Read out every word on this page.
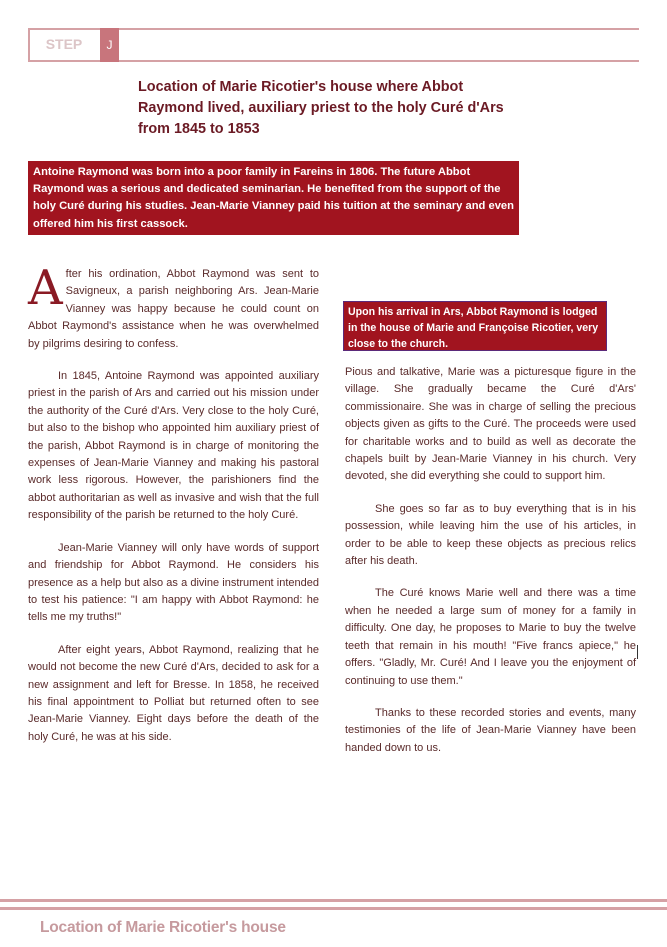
STEP	J
Location of Marie Ricotier's house where Abbot Raymond lived, auxiliary priest to the holy Curé d'Ars from 1845 to 1853
Antoine Raymond was born into a poor family in Fareins in 1806. The future Abbot Raymond was a serious and dedicated seminarian. He benefited from the support of the holy Curé during his studies. Jean-Marie Vianney paid his tuition at the seminary and even offered him his first cassock.

After his ordination, Abbot Raymond was sent to Savigneux, a parish neighboring Ars. Jean-Marie Vianney was happy because he could count on Abbot Raymond's assistance when he was overwhelmed by pilgrims desiring to confess.

In 1845, Antoine Raymond was appointed auxiliary priest in the parish of Ars and carried out his mission under the authority of the Curé d'Ars. Very close to the holy Curé, but also to the bishop who appointed him auxiliary priest of the parish, Abbot Raymond is in charge of monitoring the expenses of Jean-Marie Vianney and making his pastoral work less rigorous. However, the parishioners find the abbot authoritarian as well as invasive and wish that the full responsibility of the parish be returned to the holy Curé.

Jean-Marie Vianney will only have words of support and friendship for Abbot Raymond. He considers his presence as a help but also as a divine instrument intended to test his patience: "I am happy with Abbot Raymond: he tells me my truths!"

After eight years, Abbot Raymond, realizing that he would not become the new Curé d'Ars, decided to ask for a new assignment and left for Bresse. In 1858, he received his final appointment to Polliat but returned often to see Jean-Marie Vianney. Eight days before the death of the holy Curé, he was at his side.

Upon his arrival in Ars, Abbot Raymond is lodged in the house of Marie and Françoise Ricotier, very close to the church.

Pious and talkative, Marie was a picturesque figure in the village. She gradually became the Curé d'Ars' commissionaire. She was in charge of selling the precious objects given as gifts to the Curé. The proceeds were used for charitable works and to build as well as decorate the chapels built by Jean-Marie Vianney in his church. Very devoted, she did everything she could to support him.

She goes so far as to buy everything that is in his possession, while leaving him the use of his articles, in order to be able to keep these objects as precious relics after his death.

The Curé knows Marie well and there was a time when he needed a large sum of money for a family in difficulty. One day, he proposes to Marie to buy the twelve teeth that remain in his mouth! "Five francs apiece," he offers. "Gladly, Mr. Curé! And I leave you the enjoyment of continuing to use them."

Thanks to these recorded stories and events, many testimonies of the life of Jean-Marie Vianney have been handed down to us.

Location of Marie Ricotier's house
